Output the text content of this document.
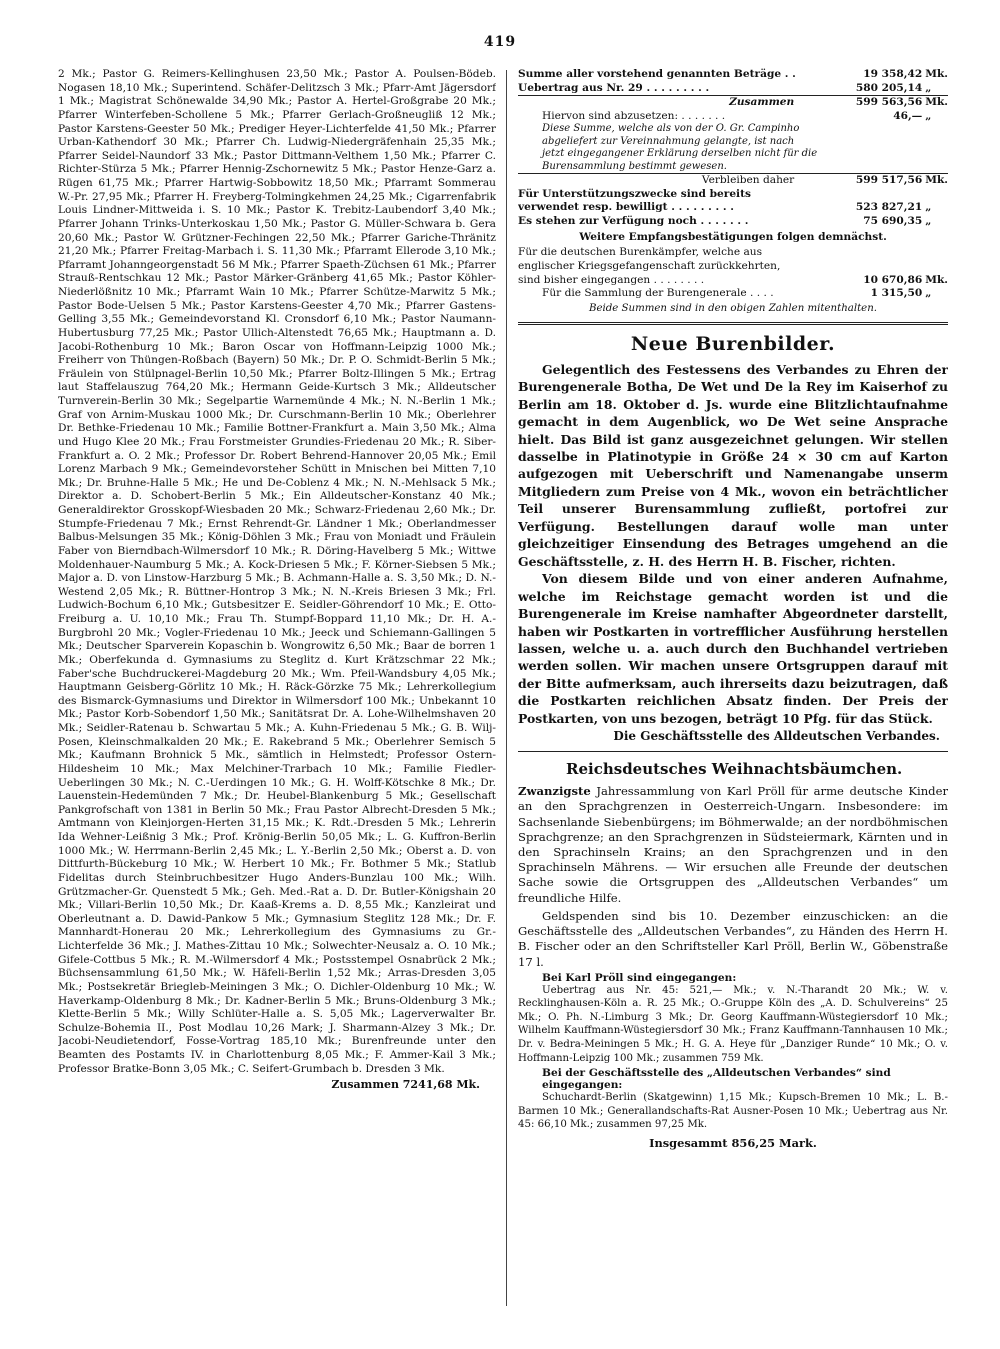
419

2 Mk.; Pastor G. Reimers-Kellinghusen 23,50 Mk.; Pastor A. Poulsen-Bödeb. Nogasen 18,10 Mk.; Superintend. Schäfer-Delitzsch 3 Mk.; Pfarr-Amt Jägersdorf 1 Mk.; Magistrat Schönewalde 34,90 Mk.; Pastor A. Hertel-Großgrabe 20 Mk.; Pfarrer Winterfeben-Schollene 5 Mk.; Pfarrer Gerlach-Großneugliß 12 Mk.; Pastor Karstens-Geester 50 Mk.; Prediger Heyer-Lichterfelde 41,50 Mk.; Pfarrer Urban-Kathendorf 30 Mk.; Pfarrer Ch. Ludwig-Niedergräfenhain 25,35 Mk.; Pfarrer Seidel-Naundorf 33 Mk.; Pastor Dittmann-Velthem 1,50 Mk.; Pfarrer C. Richter-Stürza 5 Mk.; Pfarrer Hennig-Zschornewitz 5 Mk.; Pastor Henze-Garz a. Rügen 61,75 Mk.; Pfarrer Hartwig-Sobbowitz 18,50 Mk.; Pfarramt Sommerau W.-Pr. 27,95 Mk.; Pfarrer H. Freyberg-Tolmingkehmen 24,25 Mk.; Cigarrenfabrik Louis Lindner-Mittweida i. S. 10 Mk.; Pastor K. Trebitz-Laubendorf 3,40 Mk.; Pfarrer Johann Trinks-Unterkoskau 1,50 Mk.; Pastor G. Müller-Schwara b. Gera 20,60 Mk.; Pastor W. Grützner-Fechingen 22,50 Mk.; Pfarrer Gariche-Thränitz 21,20 Mk.; Pfarrer Freitag-Marbach i. S. 11,30 Mk.; Pfarramt Ellerode 3,10 Mk.; Pfarramt Johanngeorgenstadt 56 M Mk.; Pfarrer Spaeth-Züchsen 61 Mk.; Pfarrer Strauß-Rentschkau 12 Mk.; Pastor Märker-Gränberg 41,65 Mk.; Pastor Köhler-Niederlößnitz 10 Mk.; Pfarramt Wain 10 Mk.; Pfarrer Schütze-Marwitz 5 Mk.; Pastor Bode-Uelsen 5 Mk.; Pastor Karstens-Geester 4,70 Mk.; Pfarrer Gastens-Gelling 3,55 Mk.; Gemeindevorstand Kl. Cronsdorf 6,10 Mk.; Pastor Naumann-Hubertusburg 77,25 Mk.; Pastor Ullich-Altenstedt 76,65 Mk.; Hauptmann a. D. Jacobi-Rothenburg 10 Mk.; Baron Oscar von Hoffmann-Leipzig 1000 Mk.; Freiherr von Thüngen-Roßbach (Bayern) 50 Mk.; Dr. P. O. Schmidt-Berlin 5 Mk.; Fräulein von Stülpnagel-Berlin 10,50 Mk.; Pfarrer Boltz-Illingen 5 Mk.; Ertrag laut Staffelauszug 764,20 Mk.; Hermann Geide-Kurtsch 3 Mk.; Alldeutscher Turnverein-Berlin 30 Mk.; Segelpartie Warnemünde 4 Mk.; N. N.-Berlin 1 Mk.; Graf von Arnim-Muskau 1000 Mk.; Dr. Curschmann-Berlin 10 Mk.; Oberlehrer Dr. Bethke-Friedenau 10 Mk.; Familie Bottner-Frankfurt a. Main 3,50 Mk.; Alma und Hugo Klee 20 Mk.; Frau Forstmeister Grundies-Friedenau 20 Mk.; R. Siber-Frankfurt a. O. 2 Mk.; Professor Dr. Robert Behrend-Hannover 20,05 Mk.; Emil Lorenz Marbach 9 Mk.; Gemeindevorsteher Schütt in Mnischen bei Mitten 7,10 Mk.; Dr. Bruhne-Halle 5 Mk.; He und De-Coblenz 4 Mk.; N. N.-Mehlsack 5 Mk.; Direktor a. D. Schobert-Berlin 5 Mk.; Ein Alldeutscher-Konstanz 40 Mk.; Generaldirektor Grosskopf-Wiesbaden 20 Mk.; Schwarz-Friedenau 2,60 Mk.; Dr. Stumpfe-Friedenau 7 Mk.; Ernst Rehrendt-Gr. Ländner 1 Mk.; Oberlandmesser Balbus-Melsungen 35 Mk.; König-Döhlen 3 Mk.; Frau von Moniadt und Fräulein Faber von Bierndbach-Wilmersdorf 10 Mk.; R. Döring-Havelberg 5 Mk.; Wittwe Moldenhauer-Naumburg 5 Mk.; A. Kock-Driesen 5 Mk.; F. Körner-Siebsen 5 Mk.; Major a. D. von Linstow-Harzburg 5 Mk.; B. Achmann-Halle a. S. 3,50 Mk.; D. N.-Westend 2,05 Mk.; R. Büttner-Hontrop 3 Mk.; N. N.-Kreis Briesen 3 Mk.; Frl. Ludwich-Bochum 6,10 Mk.; Gutsbesitzer E. Seidler-Göhrendorf 10 Mk.; E. Otto-Freiburg a. U. 10,10 Mk.; Frau Th. Stumpf-Boppard 11,10 Mk.; Dr. H. A.-Burgbrohl 20 Mk.; Vogler-Friedenau 10 Mk.; Jeeck und Schiemann-Gallingen 5 Mk.; Deutscher Sparverein Kopaschin b. Wongrowitz 6,50 Mk.; Baar de borren 1 Mk.; Oberfekunda d. Gymnasiums zu Steglitz d. Kurt Krätzschmar 22 Mk.; Faber'sche Buchdruckerei-Magdeburg 20 Mk.; Wm. Pfeil-Wandsbury 4,05 Mk.; Hauptmann Geisberg-Görlitz 10 Mk.; H. Räck-Görzke 75 Mk.; Lehrerkollegium des Bismarck-Gymnasiums und Direktor in Wilmersdorf 100 Mk.; Unbekannt 10 Mk.; Pastor Korb-Sobendorf 1,50 Mk.; Sanitätsrat Dr. A. Lohe-Wilhelmshaven 20 Mk.; Seidler-Ratenau b. Schwartau 5 Mk.; A. Kuhn-Friedenau 5 Mk.; G. B. Wilj-Posen, Kleinschmalkalden 20 Mk.; E. Rakebrand 5 Mk.; Oberlehrer Semisch 5 Mk.; Kaufmann Brohnick 5 Mk., sämtlich in Helmstedt; Professor Ostern-Hildesheim 10 Mk.; Max Melchiner-Trarbach 10 Mk.; Familie Fiedler-Ueberlingen 30 Mk.; N. C.-Uerdingen 10 Mk.; G. H. Wolff-Kötschke 8 Mk.; Dr. Lauenstein-Hedemünden 7 Mk.; Dr. Heubel-Blankenburg 5 Mk.; Gesellschaft Pankgrofschaft von 1381 in Berlin 50 Mk.; Frau Pastor Albrecht-Dresden 5 Mk.; Amtmann von Kleinjorgen-Herten 31,15 Mk.; K. Rdt.-Dresden 5 Mk.; Lehrerin Ida Wehner-Leißnig 3 Mk.; Prof. Krönig-Berlin 50,05 Mk.; L. G. Kuffron-Berlin 1000 Mk.; W. Herrmann-Berlin 2,45 Mk.; L. Y.-Berlin 2,50 Mk.; Oberst a. D. von Dittfurth-Bückeburg 10 Mk.; W. Herbert 10 Mk.; Fr. Bothmer 5 Mk.; Statlub Fidelitas durch Steinbruchbesitzer Hugo Anders-Bunzlau 100 Mk.; Wilh. Grützmacher-Gr. Quenstedt 5 Mk.; Geh. Med.-Rat a. D. Dr. Butler-Königshain 20 Mk.; Villari-Berlin 10,50 Mk.; Dr. Kaaß-Krems a. D. 8,55 Mk.; Kanzleirat und Oberleutnant a. D. Dawid-Pankow 5 Mk.; Gymnasium Steglitz 128 Mk.; Dr. F. Mannhardt-Honerau 20 Mk.; Lehrerkollegium des Gymnasiums zu Gr.-Lichterfelde 36 Mk.; J. Mathes-Zittau 10 Mk.; Solwechter-Neusalz a. O. 10 Mk.; Gifele-Cottbus 5 Mk.; R. M.-Wilmersdorf 4 Mk.; Postsstempel Osnabrück 2 Mk.; Büchsensammlung 61,50 Mk.; W. Häfeli-Berlin 1,52 Mk.; Arras-Dresden 3,05 Mk.; Postsekretär Briegleb-Meiningen 3 Mk.; O. Dichler-Oldenburg 10 Mk.; W. Haverkamp-Oldenburg 8 Mk.; Dr. Kadner-Berlin 5 Mk.; Bruns-Oldenburg 3 Mk.; Klette-Berlin 5 Mk.; Willy Schlüter-Halle a. S. 5,05 Mk.; Lagerverwalter Br. Schulze-Bohemia II., Post Modlau 10,26 Mark; J. Sharmann-Alzey 3 Mk.; Dr. Jacobi-Neudietendorf, Fosse-Vortrag 185,10 Mk.; Burenfreunde unter den Beamten des Postamts IV. in Charlottenburg 8,05 Mk.; F. Ammer-Kail 3 Mk.; Professor Bratke-Bonn 3,05 Mk.; C. Seifert-Grumbach b. Dresden 3 Mk.

Zusammen 7241,68 Mk.
Summe aller vorstehend genannten Beträge . .	19 358,42	Mk.
Uebertrag aus Nr. 29 . . . . . . . . .	580 205,14	„
Zusammen	599 563,56	Mk.
Hiervon sind abzusetzen: . . . . . . .	46,—	„

Diese Summe, welche als von der O. Gr. Campinho abgeliefert zur Vereinnahmung gelangte, ist nach jetzt eingegangener Erklärung derselben nicht für die Burensammlung bestimmt gewesen.

Verbleiben daher	599 517,56	Mk.
Für Unterstützungszwecke sind bereits verwendet resp. bewilligt . . . . . . . . .	523 827,21	„
Es stehen zur Verfügung noch . . . . . . .	75 690,35	„
Weitere Empfangsbestätigungen folgen demnächst.
Für die deutschen Burenkämpfer, welche aus englischer Kriegsgefangenschaft zurückkehrten, sind bisher eingegangen . . . . . . . .	10 670,86	Mk.
Für die Sammlung der Burengenerale . . . .	1 315,50	„
Beide Summen sind in den obigen Zahlen mitenthalten.
Neue Burenbilder.

Gelegentlich des Festessens des Verbandes zu Ehren der Burengenerale Botha, De Wet und De la Rey im Kaiserhof zu Berlin am 18. Oktober d. Js. wurde eine Blitzlichtaufnahme gemacht in dem Augenblick, wo De Wet seine Ansprache hielt. Das Bild ist ganz ausgezeichnet gelungen. Wir stellen dasselbe in Platinotypie in Größe 24 × 30 cm auf Karton aufgezogen mit Ueberschrift und Namenangabe unserm Mitgliedern zum Preise von 4 Mk., wovon ein beträchtlicher Teil unserer Burensammlung zufließt, portofrei zur Verfügung. Bestellungen darauf wolle man unter gleichzeitiger Einsendung des Betrages umgehend an die Geschäftsstelle, z. H. des Herrn H. B. Fischer, richten.

Von diesem Bilde und von einer anderen Aufnahme, welche im Reichstage gemacht worden ist und die Burengenerale im Kreise namhafter Abgeordneter darstellt, haben wir Postkarten in vortrefflicher Ausführung herstellen lassen, welche u. a. auch durch den Buchhandel vertrieben werden sollen. Wir machen unsere Ortsgruppen darauf mit der Bitte aufmerksam, auch ihrerseits dazu beizutragen, daß die Postkarten reichlichen Absatz finden. Der Preis der Postkarten, von uns bezogen, beträgt 10 Pfg. für das Stück.

Die Geschäftsstelle des Alldeutschen Verbandes.
Reichsdeutsches Weihnachtsbäumchen.

Zwanzigste Jahressammlung von Karl Pröll für arme deutsche Kinder an den Sprachgrenzen in Oesterreich-Ungarn. Insbesondere: im Sachsenlande Siebenbürgens; im Böhmerwalde; an der nordböhmischen Sprachgrenze; an den Sprachgrenzen in Südsteiermark, Kärnten und in den Sprachinseln Krains; an den Sprachgrenzen und in den Sprachinseln Mährens. — Wir ersuchen alle Freunde der deutschen Sache sowie die Ortsgruppen des „Alldeutschen Verbandes“ um freundliche Hilfe.

Geldspenden sind bis 10. Dezember einzuschicken: an die Geschäftsstelle des „Alldeutschen Verbandes“, zu Händen des Herrn H. B. Fischer oder an den Schriftsteller Karl Pröll, Berlin W., Göbenstraße 17 l.

Bei Karl Pröll sind eingegangen:

Uebertrag aus Nr. 45: 521,— Mk.; v. N.-Tharandt 20 Mk.; W. v. Recklinghausen-Köln a. R. 25 Mk.; O.-Gruppe Köln des „A. D. Schulvereins“ 25 Mk.; O. Ph. N.-Limburg 3 Mk.; Dr. Georg Kauffmann-Wüstegiersdorf 10 Mk.; Wilhelm Kauffmann-Wüstegiersdorf 30 Mk.; Franz Kauffmann-Tannhausen 10 Mk.; Dr. v. Bedra-Meiningen 5 Mk.; H. G. A. Heye für „Danziger Runde“ 10 Mk.; O. v. Hoffmann-Leipzig 100 Mk.; zusammen 759 Mk.

Bei der Geschäftsstelle des „Alldeutschen Verbandes“ sind eingegangen:

Schuchardt-Berlin (Skatgewinn) 1,15 Mk.; Kupsch-Bremen 10 Mk.; L. B.-Barmen 10 Mk.; Generallandschafts-Rat Ausner-Posen 10 Mk.; Uebertrag aus Nr. 45: 66,10 Mk.; zusammen 97,25 Mk.

Insgesammt 856,25 Mark.
